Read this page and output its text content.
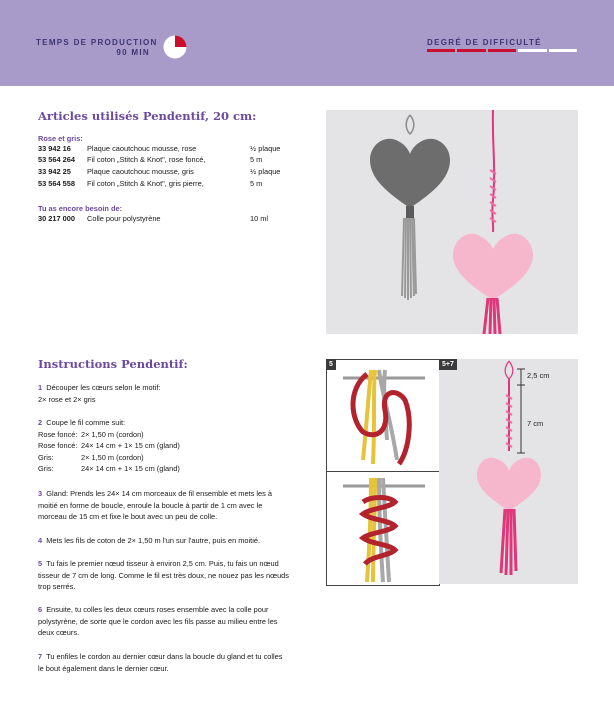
TEMPS DE PRODUCTION
90 MIN
DEGRÉ DE DIFFICULTÉ
Articles utilisés Pendentif, 20 cm:
Rose et gris:
33 942 16 Plaque caoutchouc mousse, rose	½ plaque
53 564 264 Fil coton „Stitch & Knot", rose foncé,	5 m
33 942 25 Plaque caoutchouc mousse, gris	½ plaque
53 564 558 Fil coton „Stitch & Knot", gris pierre,	5 m
Tu as encore besoin de:
30 217 000 Colle pour polystyrène	10 ml
Instructions Pendentif:
1 Découper les cœurs selon le motif:
2× rose et 2× gris
2 Coupe le fil comme suit:
Rose foncé: 2× 1,50 m (cordon)
Rose foncé: 24× 14 cm + 1× 15 cm (gland)
Gris:	2× 1,50 m (cordon)
Gris:	24× 14 cm + 1× 15 cm (gland)
3 Gland: Prends les 24× 14 cm morceaux de fil ensemble et mets les à
moitié en forme de boucle, enroule la boucle à partir de 1 cm avec le
morceau de 15 cm et fixe le bout avec un peu de colle.
4 Mets les fils de coton de 2× 1,50 m l'un sur l'autre, puis en moitié.
5 Tu fais le premier nœud tisseur à environ 2,5 cm. Puis, tu fais un nœud
tisseur de 7 cm de long. Comme le fil est très doux, ne nouez pas les nœuds
trop serrés.
6 Ensuite, tu colles les deux cœurs roses ensemble avec la colle pour
polystyrène, de sorte que le cordon avec les fils passe au milieu entre les
deux cœurs.
7 Tu enfiles le cordon au dernier cœur dans la boucle du gland et tu colles
le bout également dans le dernier cœur.
5	5+7
2,5 cm
7 cm
